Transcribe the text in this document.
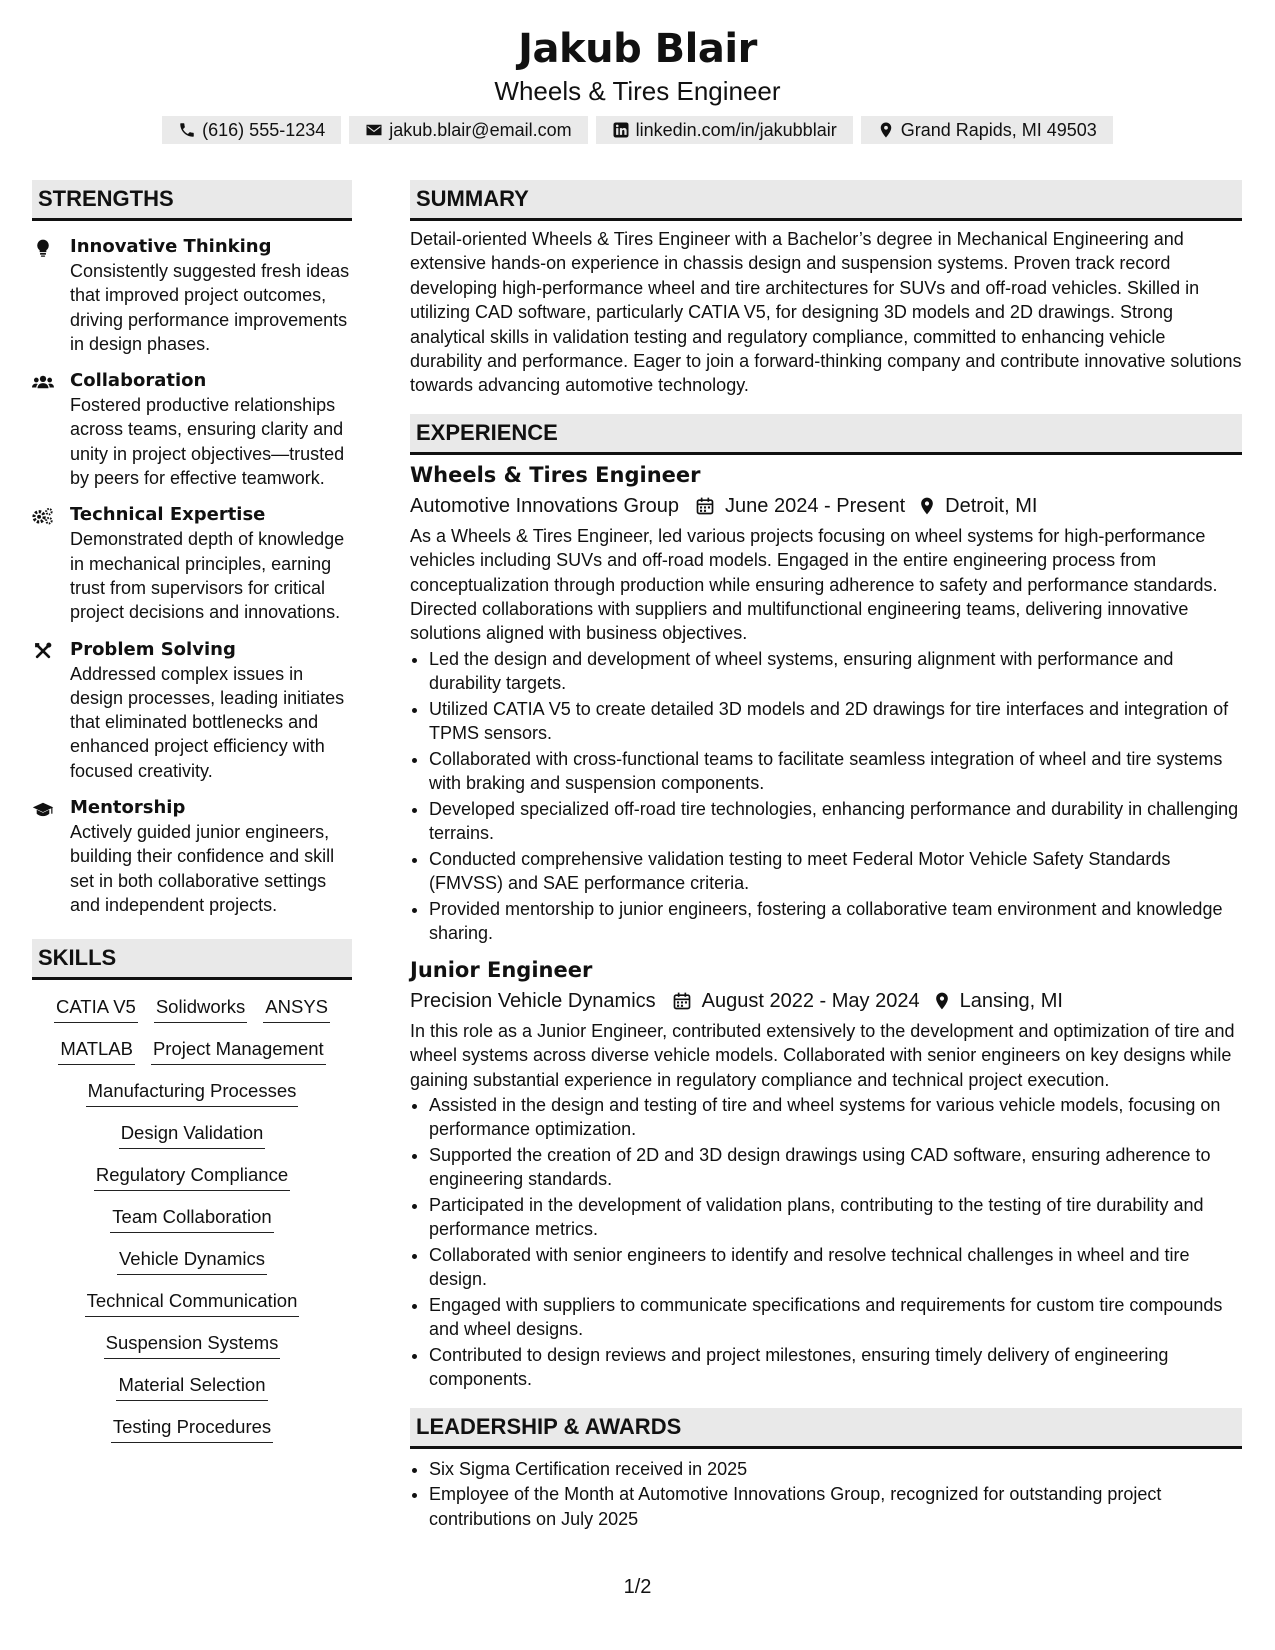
Jakub Blair
Wheels & Tires Engineer
(616) 555-1234	jakub.blair@email.com	linkedin.com/in/jakubblair	Grand Rapids, MI 49503
STRENGTHS
Innovative Thinking
Consistently suggested fresh ideas that improved project outcomes, driving performance improvements in design phases.
Collaboration
Fostered productive relationships across teams, ensuring clarity and unity in project objectives—trusted by peers for effective teamwork.
Technical Expertise
Demonstrated depth of knowledge in mechanical principles, earning trust from supervisors for critical project decisions and innovations.
Problem Solving
Addressed complex issues in design processes, leading initiates that eliminated bottlenecks and enhanced project efficiency with focused creativity.
Mentorship
Actively guided junior engineers, building their confidence and skill set in both collaborative settings and independent projects.
SKILLS
CATIA V5 Solidworks ANSYS
MATLAB Project Management
Manufacturing Processes
Design Validation
Regulatory Compliance
Team Collaboration
Vehicle Dynamics
Technical Communication
Suspension Systems
Material Selection
Testing Procedures
SUMMARY
Detail-oriented Wheels & Tires Engineer with a Bachelor’s degree in Mechanical Engineering and extensive hands-on experience in chassis design and suspension systems. Proven track record developing high-performance wheel and tire architectures for SUVs and off-road vehicles. Skilled in utilizing CAD software, particularly CATIA V5, for designing 3D models and 2D drawings. Strong analytical skills in validation testing and regulatory compliance, committed to enhancing vehicle durability and performance. Eager to join a forward-thinking company and contribute innovative solutions towards advancing automotive technology.
EXPERIENCE
Wheels & Tires Engineer
Automotive Innovations Group June 2024 - Present Detroit, MI
As a Wheels & Tires Engineer, led various projects focusing on wheel systems for high-performance vehicles including SUVs and off-road models. Engaged in the entire engineering process from conceptualization through production while ensuring adherence to safety and performance standards. Directed collaborations with suppliers and multifunctional engineering teams, delivering innovative solutions aligned with business objectives.
• Led the design and development of wheel systems, ensuring alignment with performance and durability targets.
• Utilized CATIA V5 to create detailed 3D models and 2D drawings for tire interfaces and integration of TPMS sensors.
• Collaborated with cross-functional teams to facilitate seamless integration of wheel and tire systems with braking and suspension components.
• Developed specialized off-road tire technologies, enhancing performance and durability in challenging terrains.
• Conducted comprehensive validation testing to meet Federal Motor Vehicle Safety Standards (FMVSS) and SAE performance criteria.
• Provided mentorship to junior engineers, fostering a collaborative team environment and knowledge sharing.
Junior Engineer
Precision Vehicle Dynamics August 2022 - May 2024 Lansing, MI
In this role as a Junior Engineer, contributed extensively to the development and optimization of tire and wheel systems across diverse vehicle models. Collaborated with senior engineers on key designs while gaining substantial experience in regulatory compliance and technical project execution.
• Assisted in the design and testing of tire and wheel systems for various vehicle models, focusing on performance optimization.
• Supported the creation of 2D and 3D design drawings using CAD software, ensuring adherence to engineering standards.
• Participated in the development of validation plans, contributing to the testing of tire durability and performance metrics.
• Collaborated with senior engineers to identify and resolve technical challenges in wheel and tire design.
• Engaged with suppliers to communicate specifications and requirements for custom tire compounds and wheel designs.
• Contributed to design reviews and project milestones, ensuring timely delivery of engineering components.
LEADERSHIP & AWARDS
• Six Sigma Certification received in 2025
• Employee of the Month at Automotive Innovations Group, recognized for outstanding project contributions on July 2025
1/2
